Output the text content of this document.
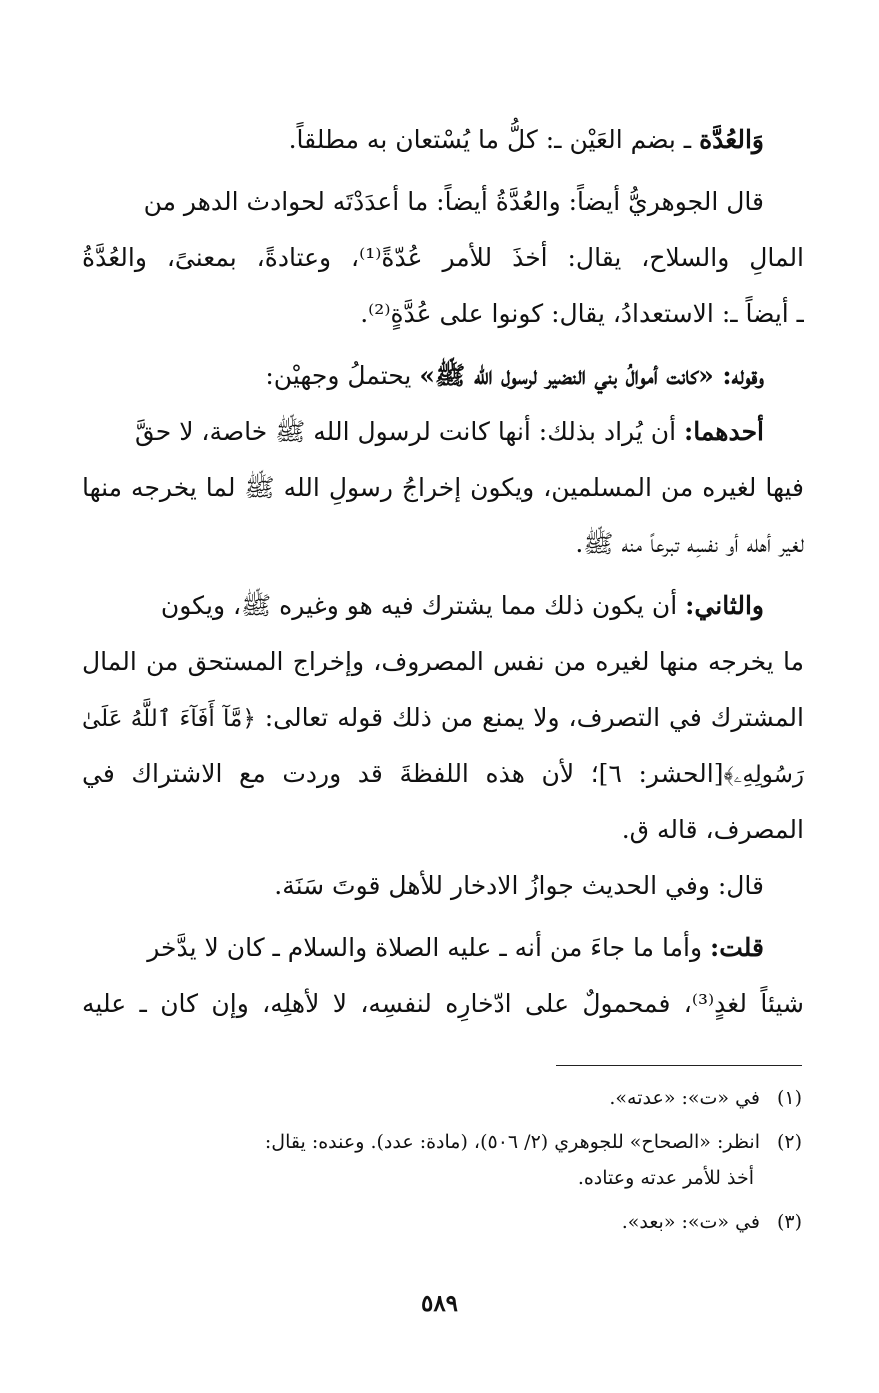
وَالعُدَّة ـ بضم العَيْن ـ: كلُّ ما يُسْتعان به مطلقاً.
قال الجوهريُّ أيضاً: والعُدَّةُ أيضاً: ما أعدَدْتَه لحوادث الدهر من
المالِ والسلاح، يقال: أخذَ للأمر عُدّةً⁽¹⁾، وعتادةً، بمعنىً، والعُدَّةُ
ـ أيضاً ـ: الاستعدادُ، يقال: كونوا على عُدَّةٍ⁽²⁾.
وقوله: «كانت أموالُ بني النضير لرسول الله ﷺ» يحتملُ وجهيْن:
أحدهما: أن يُراد بذلك: أنها كانت لرسول الله ﷺ خاصة، لا حقَّ
فيها لغيره من المسلمين، ويكون إخراجُ رسولِ الله ﷺ لما يخرجه منها
لغير أهله أو نفسِه تبرعاً منه ﷺ.
والثاني: أن يكون ذلك مما يشترك فيه هو وغيره ﷺ، ويكون
ما يخرجه منها لغيره من نفس المصروف، وإخراج المستحق من المال
المشترك في التصرف، ولا يمنع من ذلك قوله تعالى: ﴿مَّآ أَفَآءَ ٱللَّهُ عَلَىٰ
رَسُولِهِۦ﴾[الحشر: ٦]؛ لأن هذه اللفظةَ قد وردت مع الاشتراك في
المصرف، قاله ق.
قال: وفي الحديث جوازُ الادخار للأهل قوتَ سَنَة.
قلت: وأما ما جاءَ من أنه ـ عليه الصلاة والسلام ـ كان لا يدَّخر
شيئاً لغدٍ⁽³⁾، فمحمولٌ على ادّخارِه لنفسِه، لا لأهلِه، وإن كان ـ عليه
(١)في «ت»: «عدته».
(٢)انظر: «الصحاح» للجوهري (٢/ ٥٠٦)، (مادة: عدد). وعنده: يقال:
أخذ للأمر عدته وعتاده.
(٣)في «ت»: «بعد».
٥٨٩
